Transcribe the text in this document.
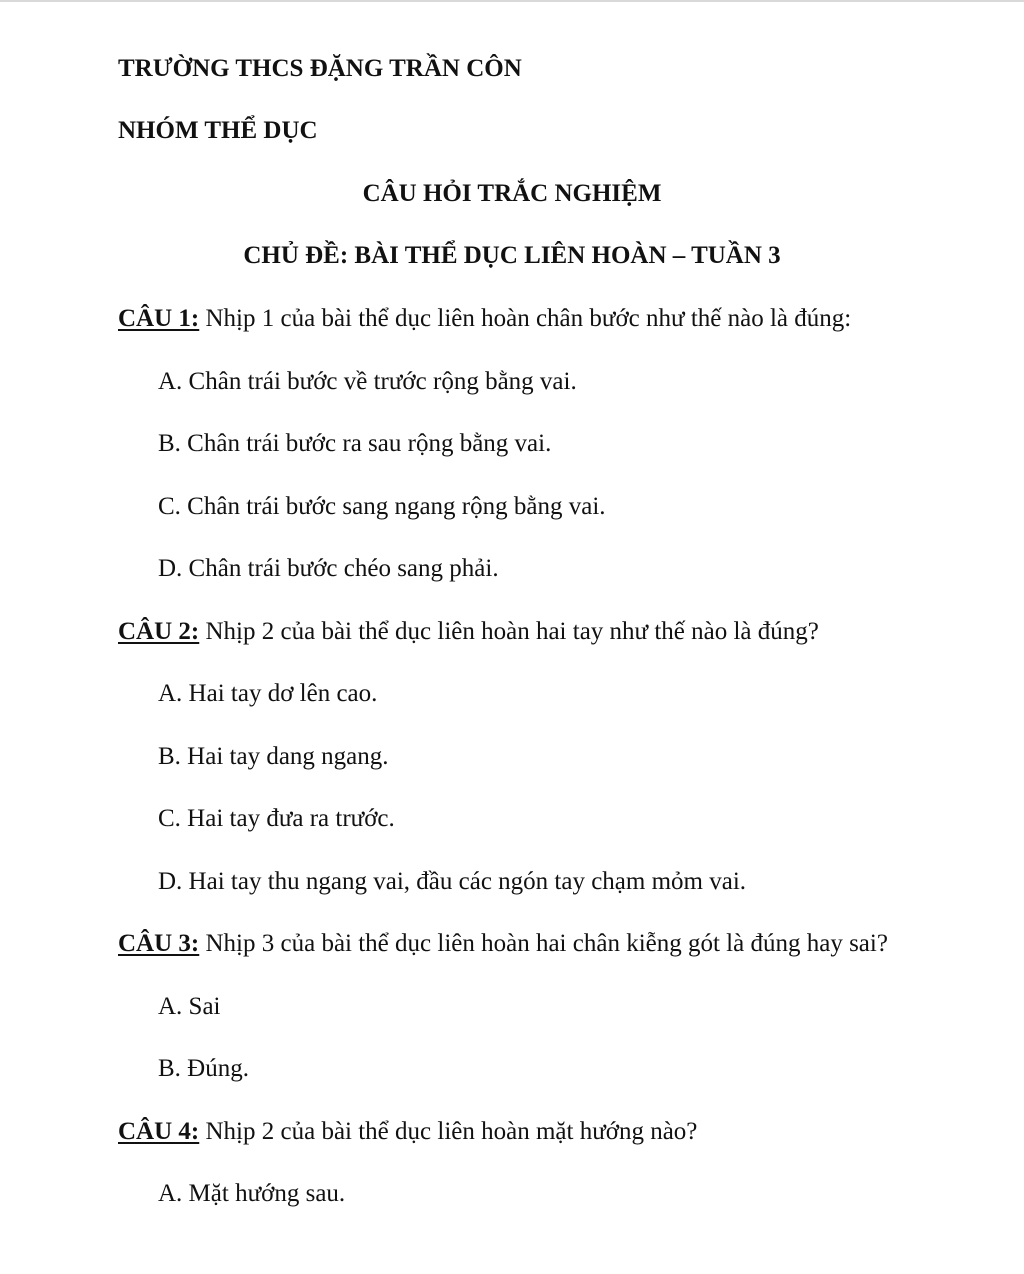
TRƯỜNG THCS ĐẶNG TRẦN CÔN
NHÓM THỂ DỤC
CÂU HỎI TRẮC NGHIỆM
CHỦ ĐỀ: BÀI THỂ DỤC LIÊN HOÀN – TUẦN 3
CÂU 1: Nhịp 1 của bài thể dục liên hoàn chân bước như thế nào là đúng:
A. Chân trái bước về trước rộng bằng vai.
B. Chân trái bước ra sau rộng bằng vai.
C. Chân trái bước sang ngang rộng bằng vai.
D. Chân trái bước chéo sang phải.
CÂU 2: Nhịp 2 của bài thể dục liên hoàn hai tay như thế nào là đúng?
A. Hai tay dơ lên cao.
B. Hai tay dang ngang.
C. Hai tay đưa ra trước.
D. Hai tay thu ngang vai, đầu các ngón tay chạm mỏm vai.
CÂU 3: Nhịp 3 của bài thể dục liên hoàn hai chân kiễng gót là đúng hay sai?
A. Sai
B. Đúng.
CÂU 4: Nhịp 2 của bài thể dục liên hoàn mặt hướng nào?
A. Mặt hướng sau.
